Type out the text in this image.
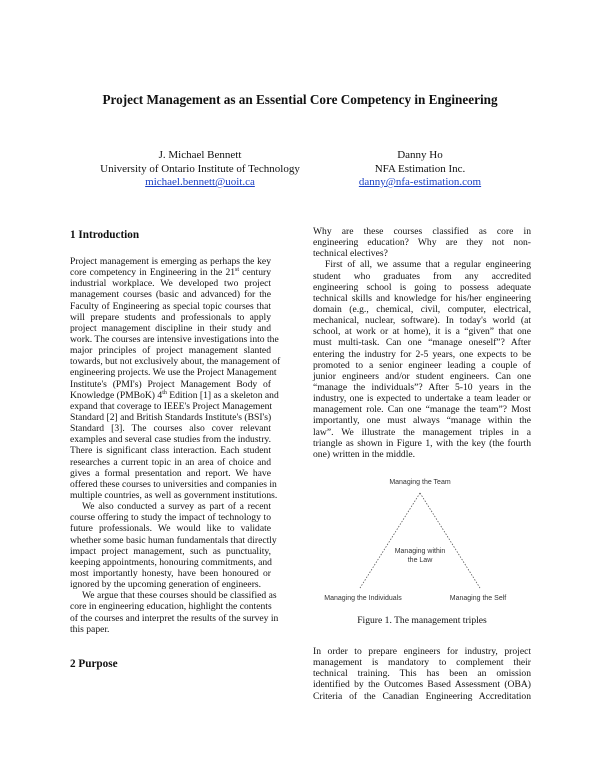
Project Management as an Essential Core Competency in Engineering
J. Michael Bennett
University of Ontario Institute of Technology
michael.bennett@uoit.ca
Danny Ho
NFA Estimation Inc.
danny@nfa-estimation.com
1 Introduction
Project management is emerging as perhaps the key
core competency in Engineering in the 21st century
industrial workplace. We developed two project
management courses (basic and advanced) for the
Faculty of Engineering as special topic courses that
will prepare students and professionals to apply
project management discipline in their study and
work. The courses are intensive investigations into the
major principles of project management slanted
towards, but not exclusively about, the management of
engineering projects. We use the Project Management
Institute's (PMI's) Project Management Body of
Knowledge (PMBoK) 4th Edition [1] as a skeleton and
expand that coverage to IEEE's Project Management
Standard [2] and British Standards Institute's (BSI's)
Standard [3]. The courses also cover relevant
examples and several case studies from the industry.
There is significant class interaction. Each student
researches a current topic in an area of choice and
gives a formal presentation and report. We have
offered these courses to universities and companies in
multiple countries, as well as government institutions.
We also conducted a survey as part of a recent
course offering to study the impact of technology to
future professionals. We would like to validate
whether some basic human fundamentals that directly
impact project management, such as punctuality,
keeping appointments, honouring commitments, and
most importantly honesty, have been honoured or
ignored by the upcoming generation of engineers.
We argue that these courses should be classified as
core in engineering education, highlight the contents
of the courses and interpret the results of the survey in
this paper.
2 Purpose
Why are these courses classified as core in
engineering education? Why are they not non-
technical electives?
First of all, we assume that a regular engineering
student who graduates from any accredited
engineering school is going to possess adequate
technical skills and knowledge for his/her engineering
domain (e.g., chemical, civil, computer, electrical,
mechanical, nuclear, software). In today's world (at
school, at work or at home), it is a “given” that one
must multi-task. Can one “manage oneself”? After
entering the industry for 2-5 years, one expects to be
promoted to a senior engineer leading a couple of
junior engineers and/or student engineers. Can one
“manage the individuals”? After 5-10 years in the
industry, one is expected to undertake a team leader or
management role. Can one “manage the team”? Most
importantly, one must always “manage within the
law”. We illustrate the management triples in a
triangle as shown in Figure 1, with the key (the fourth
one) written in the middle.
Managing the Team
Managing within
the Law
Managing the Individuals	Managing the Self
Figure 1. The management triples
In order to prepare engineers for industry, project
management is mandatory to complement their
technical training. This has been an omission
identified by the Outcomes Based Assessment (OBA)
Criteria of the Canadian Engineering Accreditation
